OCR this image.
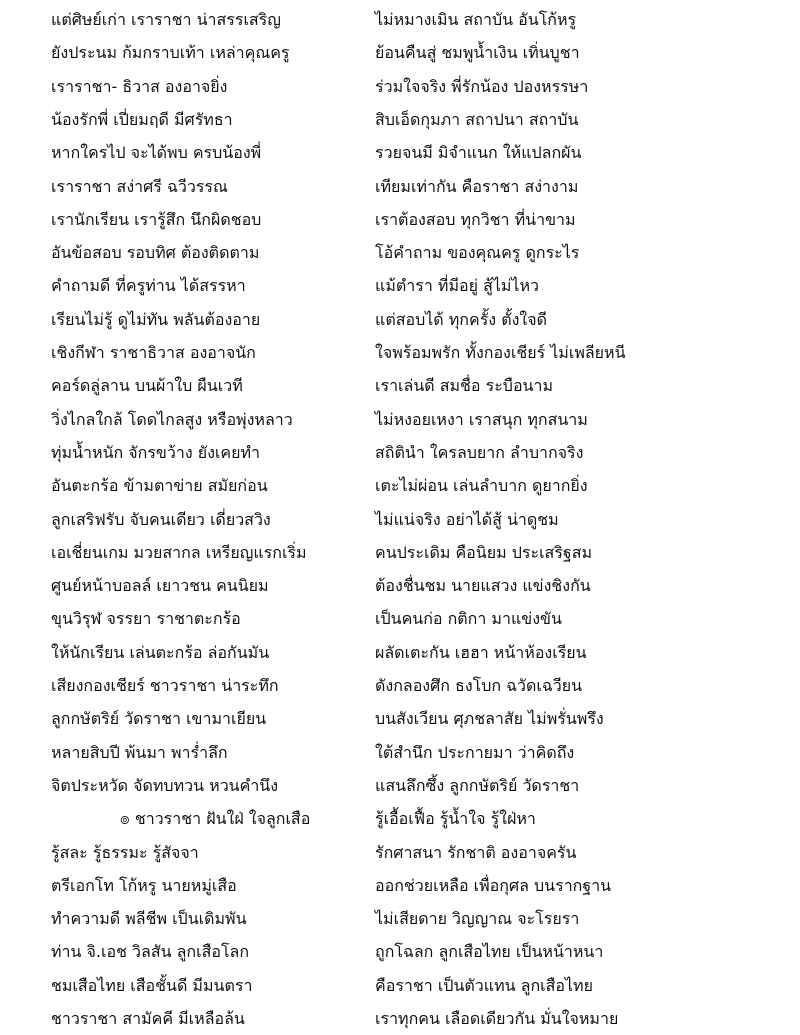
แต่ศิษย์เก่า เราราชา น่าสรรเสริญ	ไม่หมางเมิน สถาบัน อันโก้หรู
ยังประนม ก้มกราบเท้า เหล่าคุณครู	ย้อนคืนสู่ ชมพูน้ำเงิน เทิ่นบูชา
เราราชา- ธิวาส องอาจยิ่ง	ร่วมใจจริง พี่รักน้อง ปองหรรษา
น้องรักพี่ เปี่ยมฤดี มีศรัทธา	สิบเอ็ดกุมภา สถาปนา สถาบัน
หากใครไป จะได้พบ ครบน้องพี่	รวยจนมี มิจำแนก ให้แปลกผัน
เราราชา สง่าศรี ฉวีวรรณ	เทียมเท่ากัน คือราชา สง่างาม
เรานักเรียน เรารู้สึก นึกผิดชอบ	เราต้องสอบ ทุกวิชา ที่น่าขาม
อันข้อสอบ รอบทิศ ต้องติดตาม	โอ้คำถาม ของคุณครู ดูกระไร
คำถามดี ที่ครูท่าน ได้สรรหา	แม้ตำรา ที่มีอยู่ สู้ไม่ไหว
เรียนไม่รู้ ดูไม่ทัน พลันต้องอาย	แต่สอบได้ ทุกครั้ง ตั้งใจดี
เชิงกีฬา ราชาธิวาส องอาจนัก	ใจพร้อมพรัก ทั้งกองเชียร์ ไม่เพลียหนี
คอร์ดลู่ลาน บนผ้าใบ ผืนเวที	เราเล่นดี สมชื่อ ระบือนาม
วิ่งไกลใกล้ โดดไกลสูง หรือพุ่งหลาว	ไม่หงอยเหงา เราสนุก ทุกสนาม
ทุ่มน้ำหนัก จักรขว้าง ยังเคยทำ	สถิตินำ ใครลบยาก ลำบากจริง
อันตะกร้อ ข้ามตาข่าย สมัยก่อน	เตะไม่ผ่อน เล่นลำบาก ดูยากยิ่ง
ลูกเสริฟรับ จับคนเดียว เดี่ยวสวิง	ไม่แน่จริง อย่าได้สู้ น่าดูชม
เอเชี่ยนเกม มวยสากล เหรียญแรกเริ่ม	คนประเดิม คือนิยม ประเสริฐสม
ศูนย์หน้าบอลล์ เยาวชน คนนิยม	ต้องชื่นชม นายแสวง แข่งชิงกัน
ขุนวิรุฬ จรรยา ราชาตะกร้อ	เป็นคนก่อ กติกา มาแข่งขัน
ให้นักเรียน เล่นตะกร้อ ล่อกันมัน	ผลัดเตะกัน เฮฮา หน้าห้องเรียน
เสียงกองเชียร์ ชาวราชา น่าระทึก	ดังกลองศึก ธงโบก ฉวัดเฉวียน
ลูกกษัตริย์ วัดราชา เขามาเยียน	บนสังเวียน ศุภชลาสัย ไม่พรั่นพรึง
หลายสิบปี พ้นมา พาร่ำลึก	ใต้สำนึก ประกายมา ว่าคิดถึง
จิตประหวัด จัดทบทวน หวนคำนึง	แสนลึกซึ้ง ลูกกษัตริย์ วัดราชา
๏ ชาวราชา ฝันใฝ่ ใจลูกเสือ	รู้เอื้อเฟื้อ รู้น้ำใจ รู้ใฝ่หา
รู้สละ รู้ธรรมะ รู้สัจจา	รักศาสนา รักชาติ องอาจครัน
ตรีเอกโท โก้หรู นายหมู่เสือ	ออกช่วยเหลือ เพื่อกุศล บนรากฐาน
ทำความดี พลีชีพ เป็นเดิมพัน	ไม่เสียดาย วิญญาณ จะโรยรา
ท่าน จิ.เอช วิลสัน ลูกเสือโลก	ถูกโฉลก ลูกเสือไทย เป็นหน้าหนา
ชมเสือไทย เสือชั้นดี มีมนตรา	คือราชา เป็นตัวแทน ลูกเสือไทย
ชาวราชา สามัคคี มีเหลือล้น	เราทุกคน เลือดเดียวกัน มั่นใจหมาย
